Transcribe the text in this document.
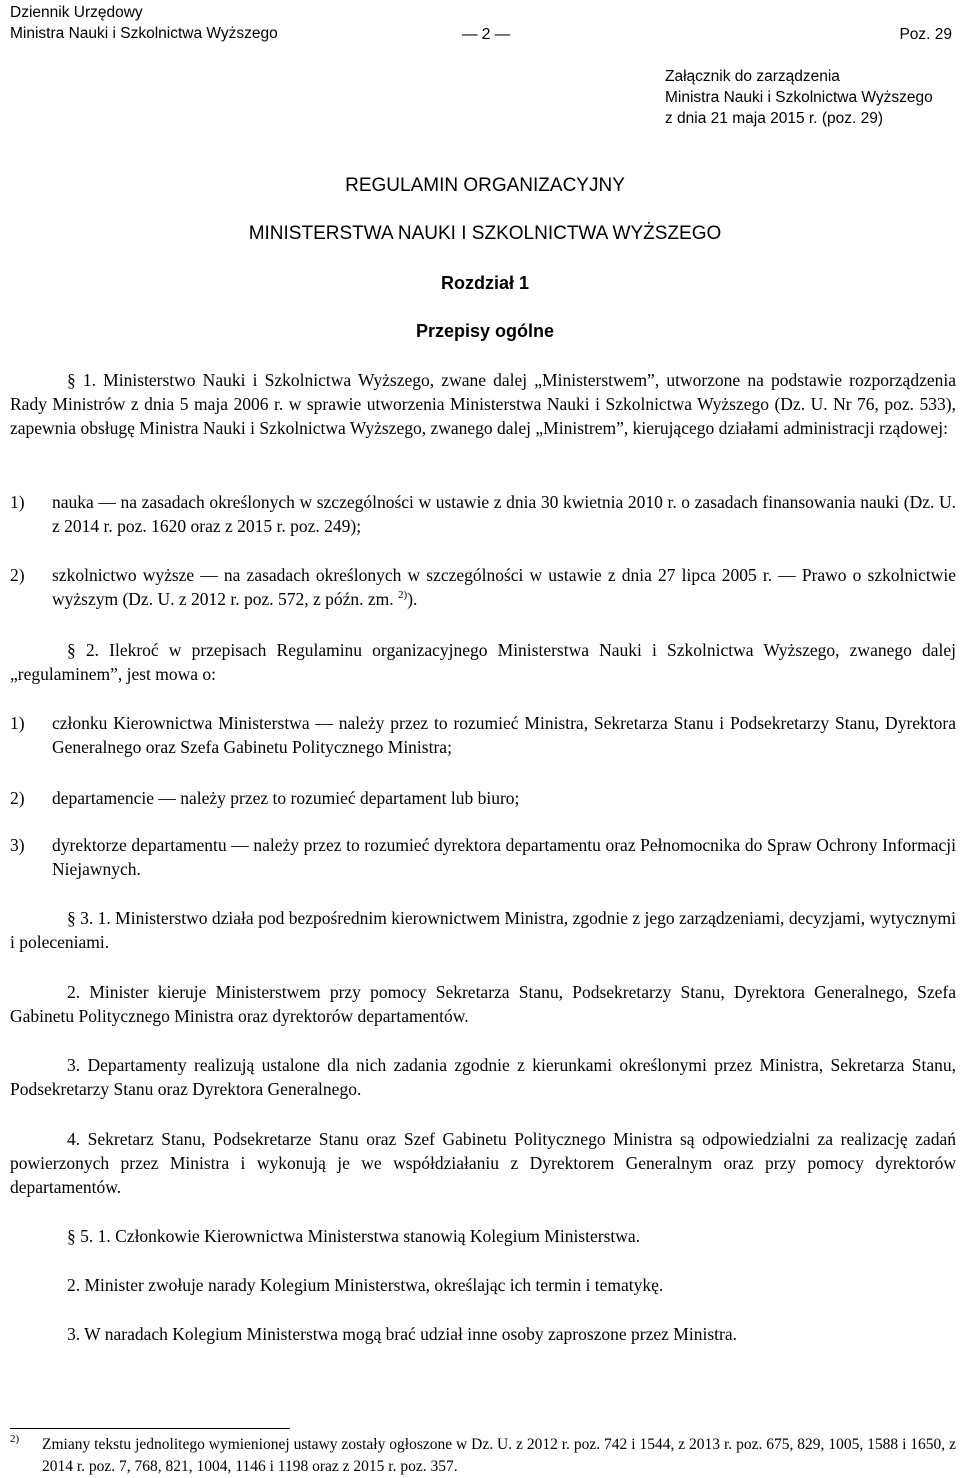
Dziennik Urzędowy
Ministra Nauki i Szkolnictwa Wyższego	— 2 —	Poz. 29
Załącznik do zarządzenia
Ministra Nauki i Szkolnictwa Wyższego
z dnia 21 maja 2015 r. (poz. 29)
REGULAMIN ORGANIZACYJNY
MINISTERSTWA NAUKI I SZKOLNICTWA WYŻSZEGO
Rozdział 1
Przepisy ogólne
§ 1. Ministerstwo Nauki i Szkolnictwa Wyższego, zwane dalej „Ministerstwem”, utworzone na podstawie rozporządzenia Rady Ministrów z dnia 5 maja 2006 r. w sprawie utworzenia Ministerstwa Nauki i Szkolnictwa Wyższego (Dz. U. Nr 76, poz. 533), zapewnia obsługę Ministra Nauki i Szkolnictwa Wyższego, zwanego dalej „Ministrem”, kierującego działami administracji rządowej:
1) nauka — na zasadach określonych w szczególności w ustawie z dnia 30 kwietnia 2010 r. o zasadach finansowania nauki (Dz. U. z 2014 r. poz. 1620 oraz z 2015 r. poz. 249);
2) szkolnictwo wyższe — na zasadach określonych w szczególności w ustawie z dnia 27 lipca 2005 r. — Prawo o szkolnictwie wyższym (Dz. U. z 2012 r. poz. 572, z późn. zm. $^{2)}$).
§ 2. Ilekroć w przepisach Regulaminu organizacyjnego Ministerstwa Nauki i Szkolnictwa Wyższego, zwanego dalej „regulaminem”, jest mowa o:
1) członku Kierownictwa Ministerstwa — należy przez to rozumieć Ministra, Sekretarza Stanu i Podsekretarzy Stanu, Dyrektora Generalnego oraz Szefa Gabinetu Politycznego Ministra;
2) departamencie — należy przez to rozumieć departament lub biuro;
3) dyrektorze departamentu — należy przez to rozumieć dyrektora departamentu oraz Pełnomocnika do Spraw Ochrony Informacji Niejawnych.
§ 3. 1. Ministerstwo działa pod bezpośrednim kierownictwem Ministra, zgodnie z jego zarządzeniami, decyzjami, wytycznymi i poleceniami.
2. Minister kieruje Ministerstwem przy pomocy Sekretarza Stanu, Podsekretarzy Stanu, Dyrektora Generalnego, Szefa Gabinetu Politycznego Ministra oraz dyrektorów departamentów.
3. Departamenty realizują ustalone dla nich zadania zgodnie z kierunkami określonymi przez Ministra, Sekretarza Stanu, Podsekretarzy Stanu oraz Dyrektora Generalnego.
4. Sekretarz Stanu, Podsekretarze Stanu oraz Szef Gabinetu Politycznego Ministra są odpowiedzialni za realizację zadań powierzonych przez Ministra i wykonują je we współdziałaniu z Dyrektorem Generalnym oraz przy pomocy dyrektorów departamentów.
§ 5. 1. Członkowie Kierownictwa Ministerstwa stanowią Kolegium Ministerstwa.
2. Minister zwołuje narady Kolegium Ministerstwa, określając ich termin i tematykę.
3. W naradach Kolegium Ministerstwa mogą brać udział inne osoby zaproszone przez Ministra.
2) Zmiany tekstu jednolitego wymienionej ustawy zostały ogłoszone w Dz. U. z 2012 r. poz. 742 i 1544, z 2013 r. poz. 675, 829, 1005, 1588 i 1650, z 2014 r. poz. 7, 768, 821, 1004, 1146 i 1198 oraz z 2015 r. poz. 357.
